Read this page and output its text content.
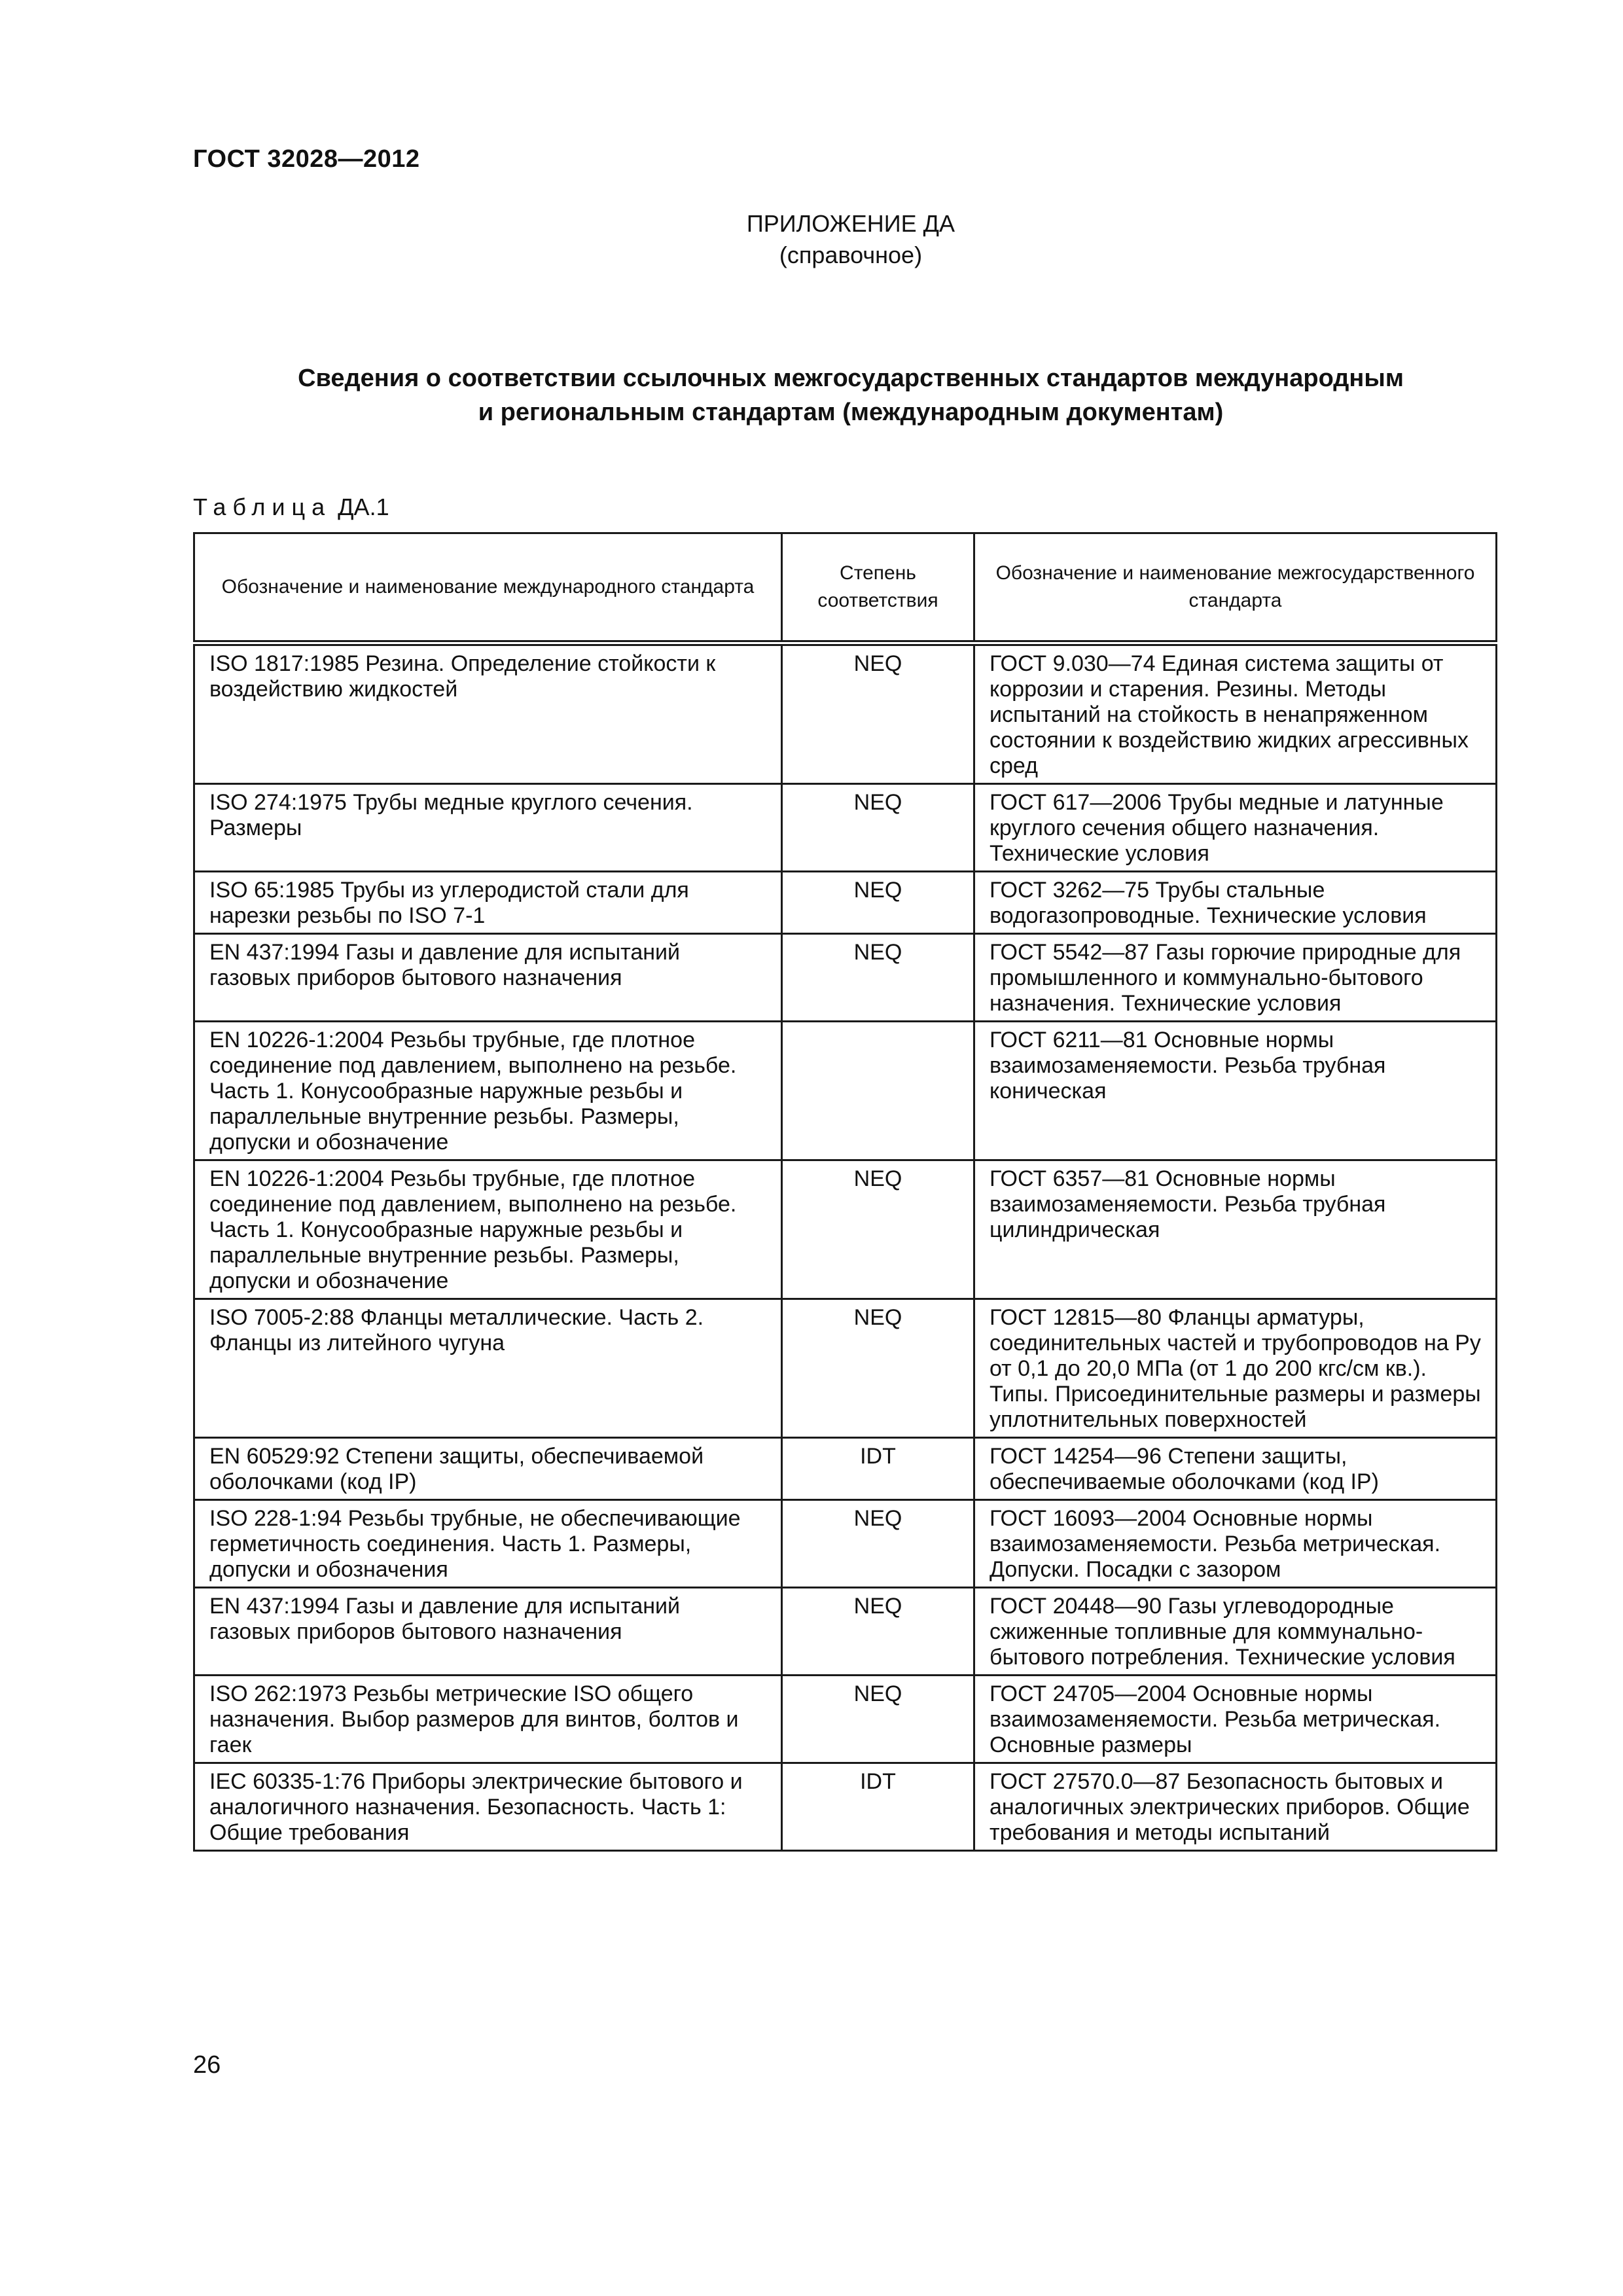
ГОСТ 32028—2012
ПРИЛОЖЕНИЕ ДА
(справочное)
Сведения о соответствии ссылочных межгосударственных стандартов международным
и региональным стандартам (международным документам)
Таблица ДА.1
Обозначение и наименование международного стандарта	Степень соответствия	Обозначение и наименование межгосударственного стандарта
ISO 1817:1985 Резина. Определение стойкости к воздействию жидкостей	NEQ	ГОСТ 9.030—74 Единая система защиты от коррозии и старения. Резины. Методы испытаний на стойкость в ненапряженном состоянии к воздействию жидких агрессивных сред
ISO 274:1975 Трубы медные круглого сечения. Размеры	NEQ	ГОСТ 617—2006 Трубы медные и латунные круглого сечения общего назначения. Технические условия
ISO 65:1985 Трубы из углеродистой стали для нарезки резьбы по ISO 7-1	NEQ	ГОСТ 3262—75 Трубы стальные водогазопроводные. Технические условия
EN 437:1994 Газы и давление для испытаний газовых приборов бытового назначения	NEQ	ГОСТ 5542—87 Газы горючие природные для промышленного и коммунально-бытового назначения. Технические условия
EN 10226-1:2004 Резьбы трубные, где плотное соединение под давлением, выполнено на резьбе. Часть 1. Конусообразные наружные резьбы и параллельные внутренние резьбы. Размеры, допуски и обозначение		ГОСТ 6211—81 Основные нормы взаимозаменяемости. Резьба трубная коническая
EN 10226-1:2004 Резьбы трубные, где плотное соединение под давлением, выполнено на резьбе. Часть 1. Конусообразные наружные резьбы и параллельные внутренние резьбы. Размеры, допуски и обозначение	NEQ	ГОСТ 6357—81 Основные нормы взаимозаменяемости. Резьба трубная цилиндрическая
ISO 7005-2:88 Фланцы металлические. Часть 2. Фланцы из литейного чугуна	NEQ	ГОСТ 12815—80 Фланцы арматуры, соединительных частей и трубопроводов на Ру от 0,1 до 20,0 МПа (от 1 до 200 кгс/см кв.). Типы. Присоединительные размеры и размеры уплотнительных поверхностей
EN 60529:92 Степени защиты, обеспечиваемой оболочками (код IP)	IDT	ГОСТ 14254—96 Степени защиты, обеспечиваемые оболочками (код IP)
ISO 228-1:94 Резьбы трубные, не обеспечивающие герметичность соединения. Часть 1. Размеры, допуски и обозначения	NEQ	ГОСТ 16093—2004 Основные нормы взаимозаменяемости. Резьба метрическая. Допуски. Посадки с зазором
EN 437:1994 Газы и давление для испытаний газовых приборов бытового назначения	NEQ	ГОСТ 20448—90 Газы углеводородные сжиженные топливные для коммунально-бытового потребления. Технические условия
ISO 262:1973 Резьбы метрические ISO общего назначения. Выбор размеров для винтов, болтов и гаек	NEQ	ГОСТ 24705—2004 Основные нормы взаимозаменяемости. Резьба метрическая. Основные размеры
IEC 60335-1:76 Приборы электрические бытового и аналогичного назначения. Безопасность. Часть 1: Общие требования	IDT	ГОСТ 27570.0—87 Безопасность бытовых и аналогичных электрических приборов. Общие требования и методы испытаний
26
